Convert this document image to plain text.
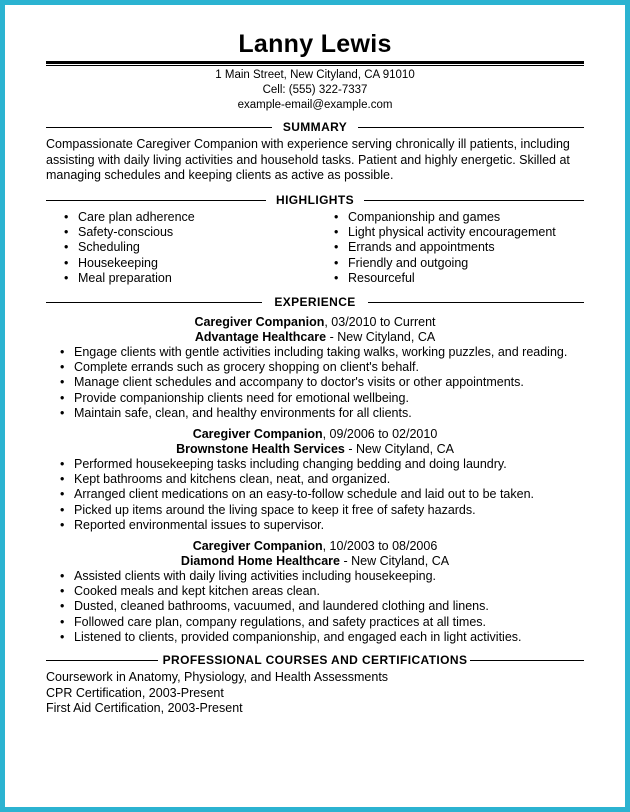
Lanny Lewis
1 Main Street, New Cityland, CA 91010
Cell: (555) 322-7337
example-email@example.com
SUMMARY
Compassionate Caregiver Companion with experience serving chronically ill patients, including assisting with daily living activities and household tasks. Patient and highly energetic. Skilled at managing schedules and keeping clients as active as possible.
HIGHLIGHTS
• Care plan adherence
• Safety-conscious
• Scheduling
• Housekeeping
• Meal preparation
• Companionship and games
• Light physical activity encouragement
• Errands and appointments
• Friendly and outgoing
• Resourceful
EXPERIENCE
Caregiver Companion, 03/2010 to Current
Advantage Healthcare - New Cityland, CA
• Engage clients with gentle activities including taking walks, working puzzles, and reading.
• Complete errands such as grocery shopping on client's behalf.
• Manage client schedules and accompany to doctor's visits or other appointments.
• Provide companionship clients need for emotional wellbeing.
• Maintain safe, clean, and healthy environments for all clients.
Caregiver Companion, 09/2006 to 02/2010
Brownstone Health Services - New Cityland, CA
• Performed housekeeping tasks including changing bedding and doing laundry.
• Kept bathrooms and kitchens clean, neat, and organized.
• Arranged client medications on an easy-to-follow schedule and laid out to be taken.
• Picked up items around the living space to keep it free of safety hazards.
• Reported environmental issues to supervisor.
Caregiver Companion, 10/2003 to 08/2006
Diamond Home Healthcare - New Cityland, CA
• Assisted clients with daily living activities including housekeeping.
• Cooked meals and kept kitchen areas clean.
• Dusted, cleaned bathrooms, vacuumed, and laundered clothing and linens.
• Followed care plan, company regulations, and safety practices at all times.
• Listened to clients, provided companionship, and engaged each in light activities.
PROFESSIONAL COURSES AND CERTIFICATIONS
Coursework in Anatomy, Physiology, and Health Assessments
CPR Certification, 2003-Present
First Aid Certification, 2003-Present
